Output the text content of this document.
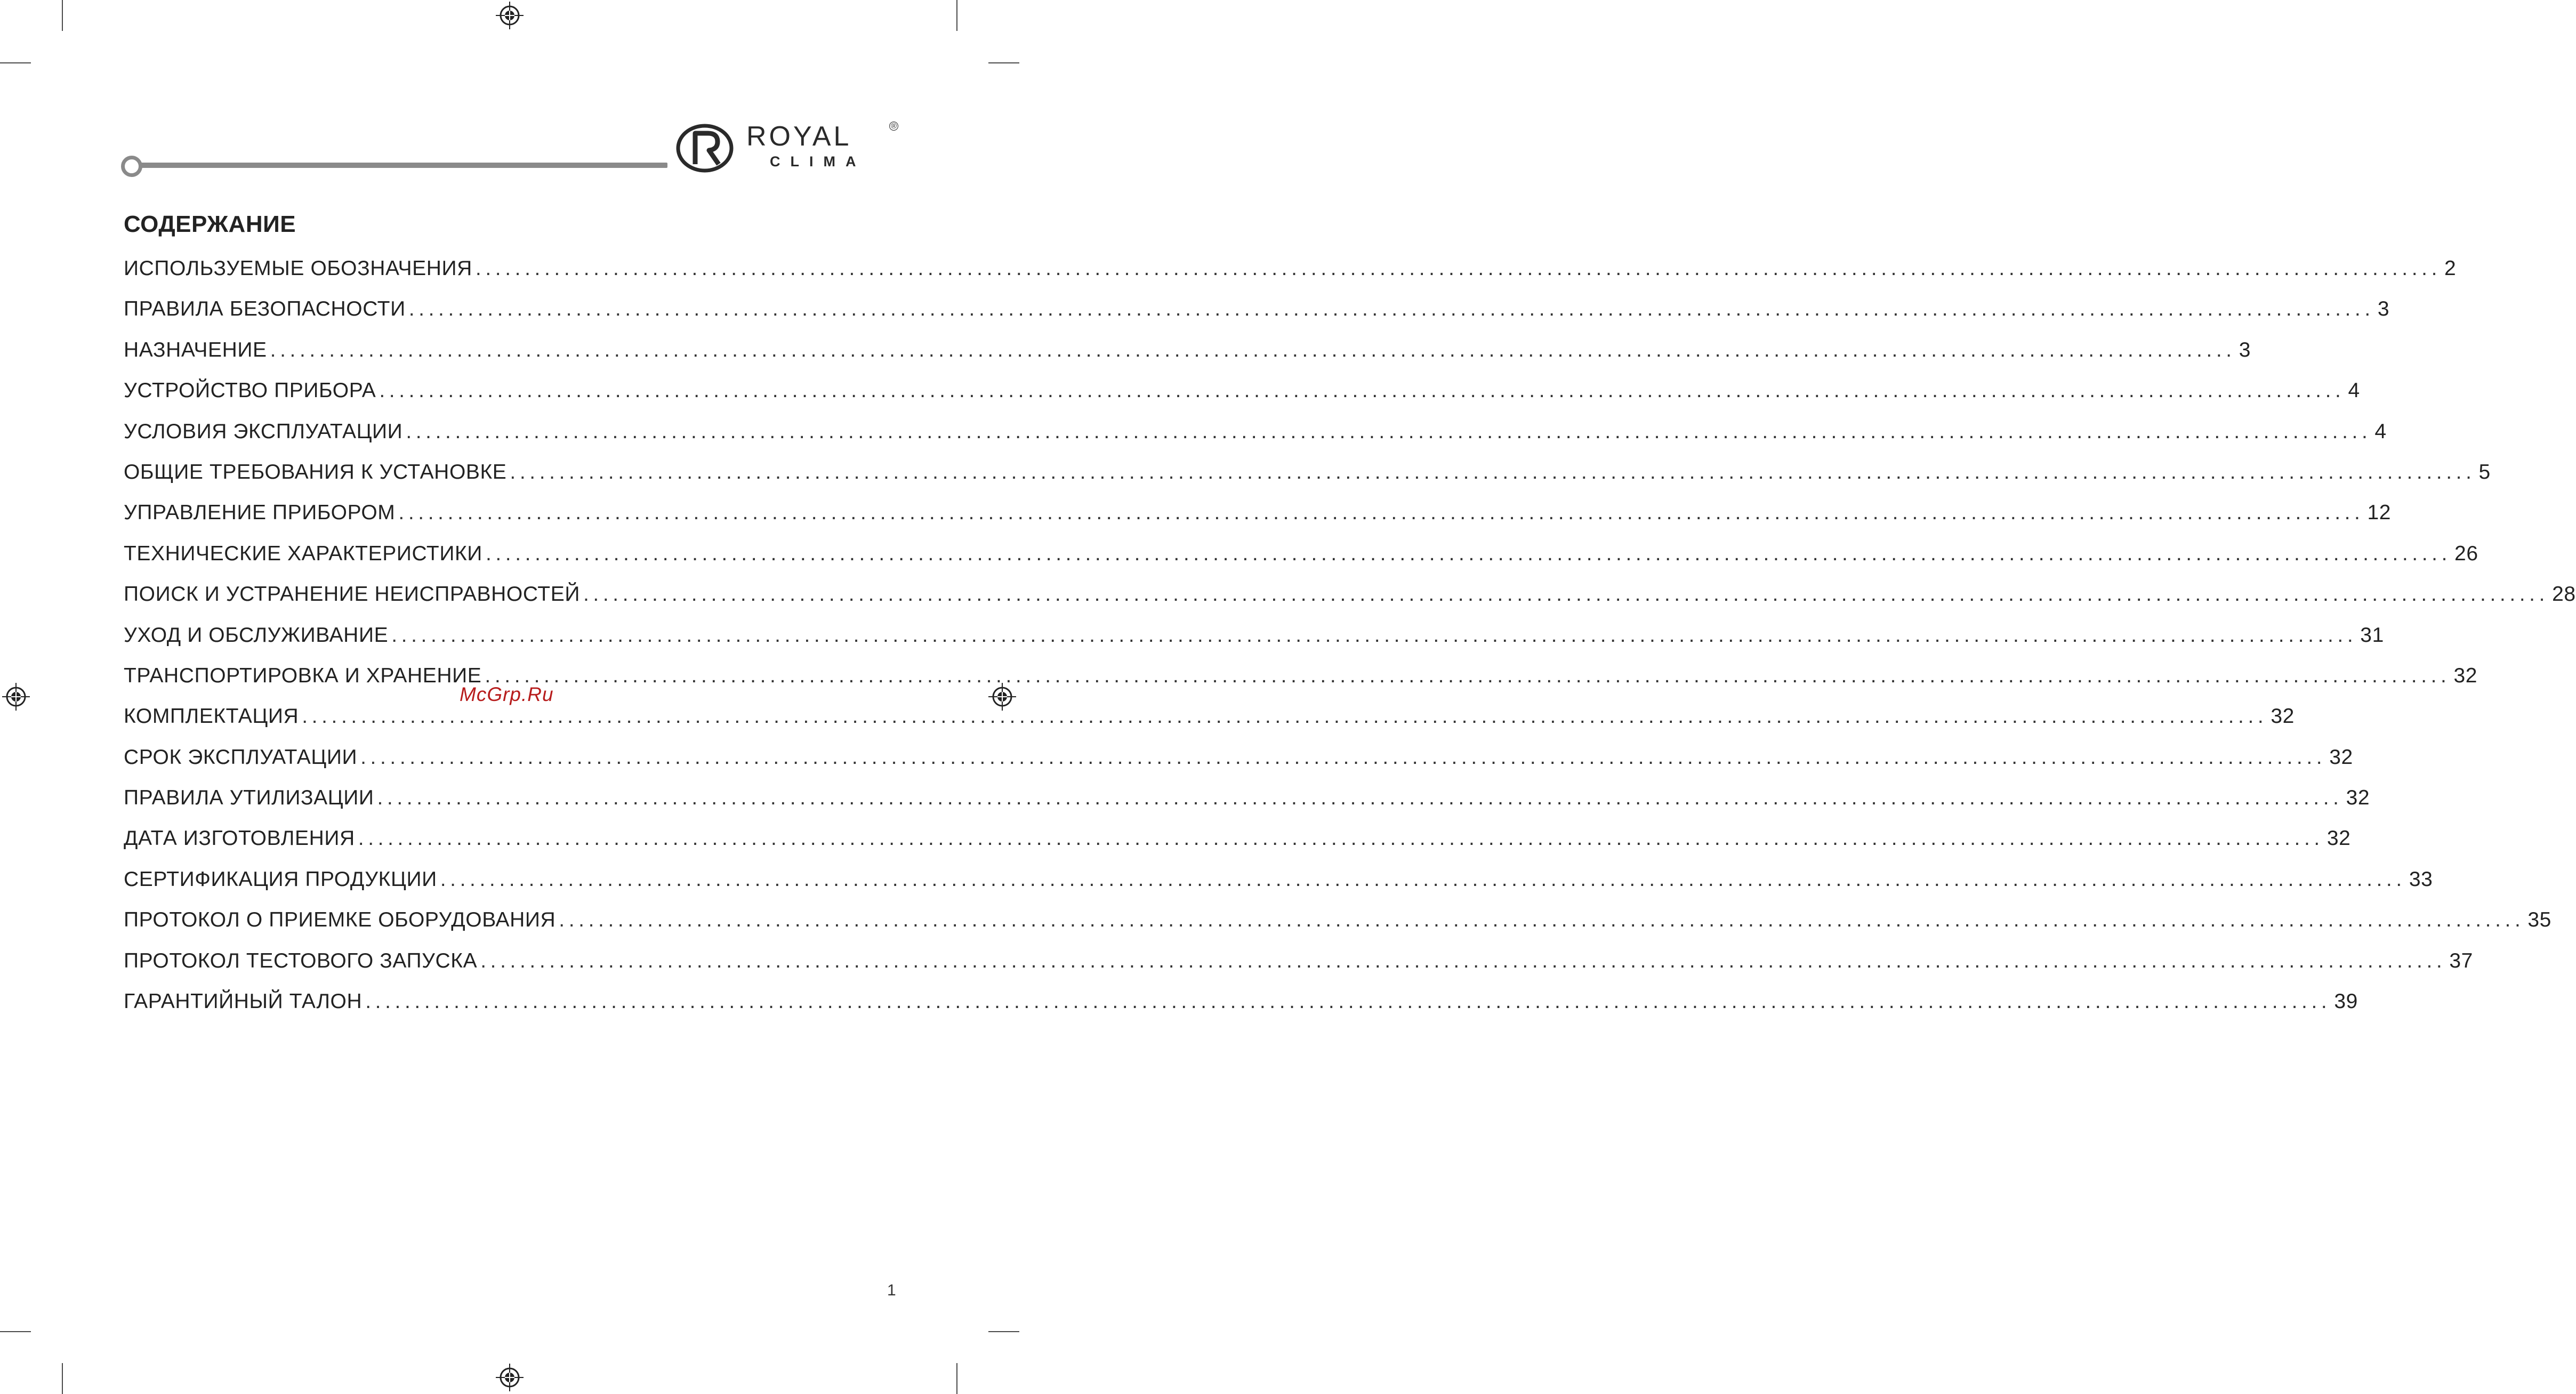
ROYAL	®
CLIMA
СОДЕРЖАНИЕ
ИСПОЛЬЗУЕМЫЕ ОБОЗНАЧЕНИЯ ........................................................................................................................................................................................................ 2
ПРАВИЛА БЕЗОПАСНОСТИ ........................................................................................................................................................................................................ 3
НАЗНАЧЕНИЕ ........................................................................................................................................................................................................ 3
УСТРОЙСТВО ПРИБОРА ........................................................................................................................................................................................................ 4
УСЛОВИЯ ЭКСПЛУАТАЦИИ ........................................................................................................................................................................................................ 4
ОБЩИЕ ТРЕБОВАНИЯ К УСТАНОВКЕ ........................................................................................................................................................................................................ 5
УПРАВЛЕНИЕ ПРИБОРОМ ........................................................................................................................................................................................................ 12
ТЕХНИЧЕСКИЕ ХАРАКТЕРИСТИКИ ........................................................................................................................................................................................................ 26
ПОИСК И УСТРАНЕНИЕ НЕИСПРАВНОСТЕЙ ........................................................................................................................................................................................................ 28
УХОД И ОБСЛУЖИВАНИЕ ........................................................................................................................................................................................................ 31
ТРАНСПОРТИРОВКА И ХРАНЕНИЕ ........................................................................................................................................................................................................ 32
КОМПЛЕКТАЦИЯ ........................................................................................................................................................................................................ 32
СРОК ЭКСПЛУАТАЦИИ ........................................................................................................................................................................................................ 32
ПРАВИЛА УТИЛИЗАЦИИ ........................................................................................................................................................................................................ 32
ДАТА ИЗГОТОВЛЕНИЯ ........................................................................................................................................................................................................ 32
СЕРТИФИКАЦИЯ ПРОДУКЦИИ ........................................................................................................................................................................................................ 33
ПРОТОКОЛ О ПРИЕМКЕ ОБОРУДОВАНИЯ ........................................................................................................................................................................................................ 35
ПРОТОКОЛ ТЕСТОВОГО ЗАПУСКА ........................................................................................................................................................................................................ 37
ГАРАНТИЙНЫЙ ТАЛОН ........................................................................................................................................................................................................ 39
McGrp.Ru
1
